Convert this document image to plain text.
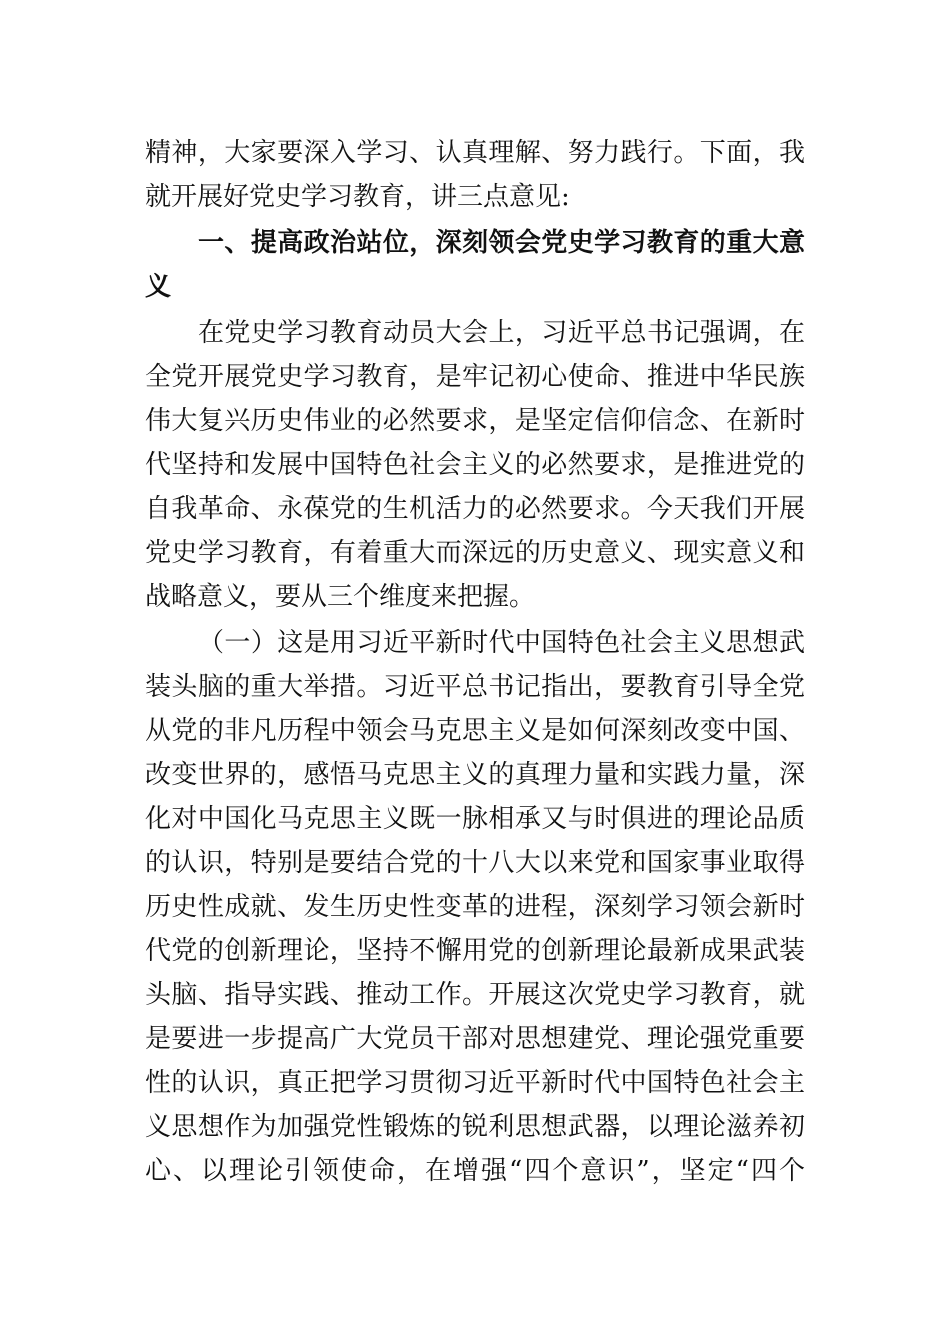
精神，大家要深入学习、认真理解、努力践行。下面，我
就开展好党史学习教育，讲三点意见:
一、提高政治站位，深刻领会党史学习教育的重大意
义
在党史学习教育动员大会上，习近平总书记强调，在
全党开展党史学习教育，是牢记初心使命、推进中华民族
伟大复兴历史伟业的必然要求，是坚定信仰信念、在新时
代坚持和发展中国特色社会主义的必然要求，是推进党的
自我革命、永葆党的生机活力的必然要求。今天我们开展
党史学习教育，有着重大而深远的历史意义、现实意义和
战略意义，要从三个维度来把握。
（一）这是用习近平新时代中国特色社会主义思想武
装头脑的重大举措。习近平总书记指出，要教育引导全党
从党的非凡历程中领会马克思主义是如何深刻改变中国、
改变世界的，感悟马克思主义的真理力量和实践力量，深
化对中国化马克思主义既一脉相承又与时俱进的理论品质
的认识，特别是要结合党的十八大以来党和国家事业取得
历史性成就、发生历史性变革的进程，深刻学习领会新时
代党的创新理论，坚持不懈用党的创新理论最新成果武装
头脑、指导实践、推动工作。开展这次党史学习教育，就
是要进一步提高广大党员干部对思想建党、理论强党重要
性的认识，真正把学习贯彻习近平新时代中国特色社会主
义思想作为加强党性锻炼的锐利思想武器，以理论滋养初
心、以理论引领使命，在增强“四个意识”，坚定“四个
